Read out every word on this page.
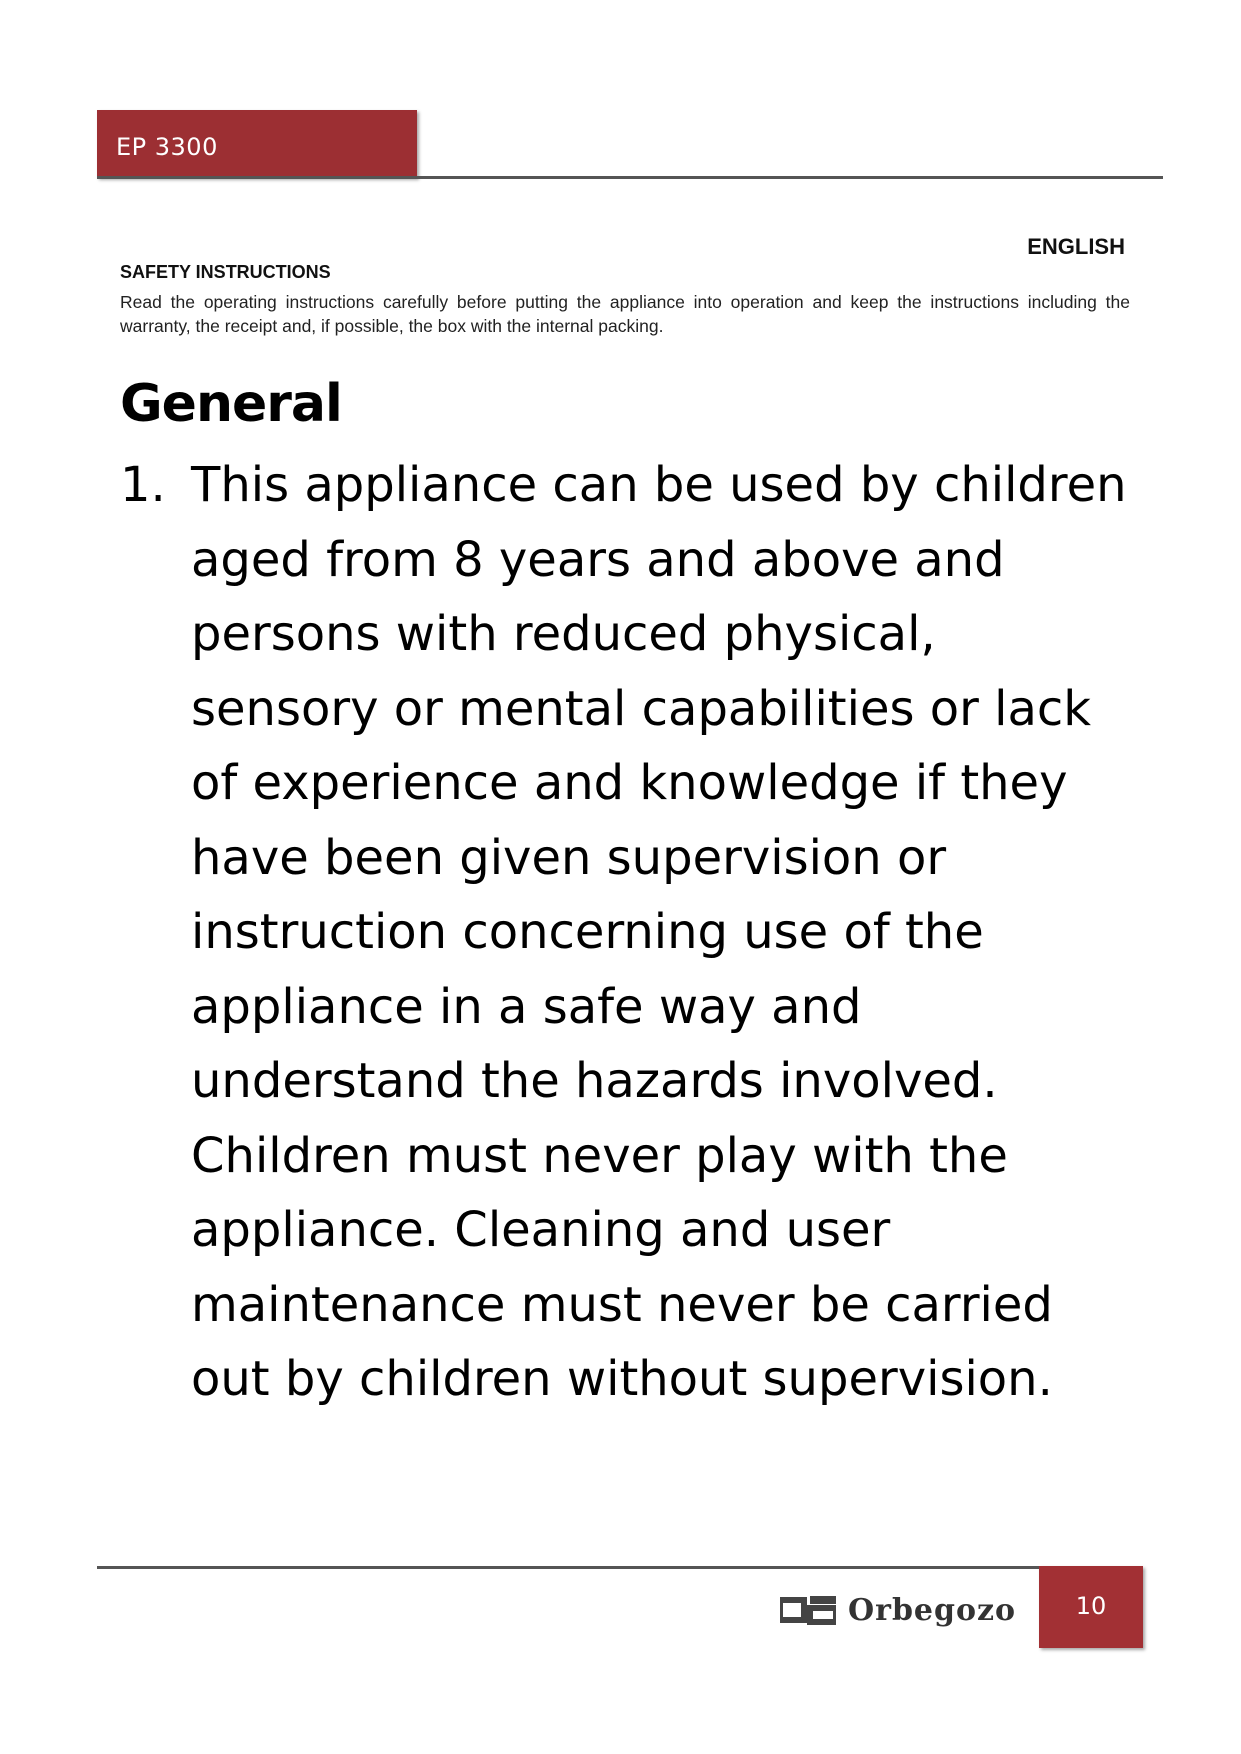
EP 3300
ENGLISH
SAFETY INSTRUCTIONS
Read the operating instructions carefully before putting the appliance into operation and keep the instructions including the warranty, the receipt and, if possible, the box with the internal packing.
General
1. This appliance can be used by children aged from 8 years and above and persons with reduced physical, sensory or mental capabilities or lack of experience and knowledge if they have been given supervision or instruction concerning use of the appliance in a safe way and understand the hazards involved. Children must never play with the appliance. Cleaning and user maintenance must never be carried out by children without supervision.

Orbegozo	10
